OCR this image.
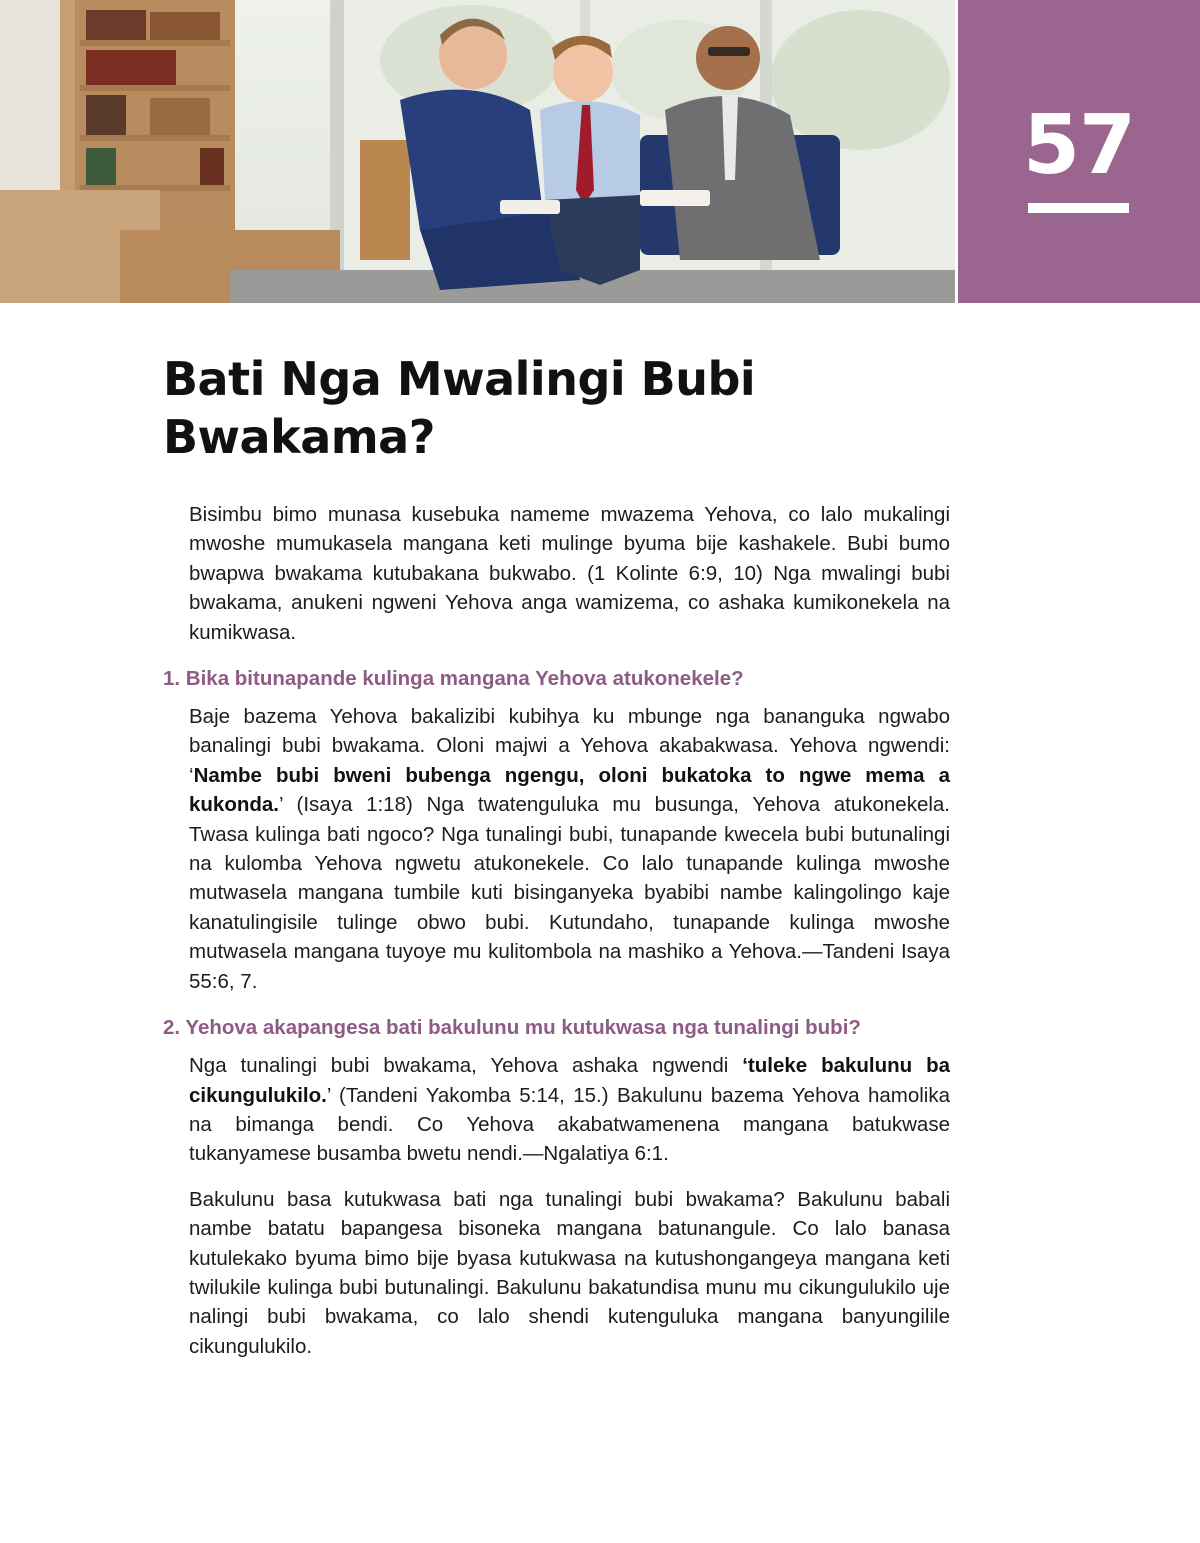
57
Bati Nga Mwalingi Bubi Bwakama?

Bisimbu bimo munasa kusebuka nameme mwazema Yehova, co lalo mukalingi mwoshe mumukasela mangana keti mulinge byuma bije kashakele. Bubi bumo bwapwa bwakama kutubakana bukwabo. (1 Kolinte 6:9, 10) Nga mwalingi bubi bwakama, anukeni ngweni Yehova anga wamizema, co ashaka kumikonekela na kumikwasa.

1. Bika bitunapande kulinga mangana Yehova atukonekele?

Baje bazema Yehova bakalizibi kubihya ku mbunge nga bananguka ngwabo banalingi bubi bwakama. Oloni majwi a Yehova akabakwasa. Yehova ngwendi: ‘Nambe bubi bweni bubenga ngengu, oloni bukatoka to ngwe mema a kukonda.’ (Isaya 1:18) Nga twatenguluka mu busunga, Yehova atukonekela. Twasa kulinga bati ngoco? Nga tunalingi bubi, tunapande kwecela bubi butunalingi na kulomba Yehova ngwetu atukonekele. Co lalo tunapande kulinga mwoshe mutwasela mangana tumbile kuti bisinganyeka byabibi nambe kalingolingo kaje kanatulingisile tulinge obwo bubi. Kutundaho, tunapande kulinga mwoshe mutwasela mangana tuyoye mu kulitombola na mashiko a Yehova.—Tandeni Isaya 55:6, 7.

2. Yehova akapangesa bati bakulunu mu kutukwasa nga tunalingi bubi?

Nga tunalingi bubi bwakama, Yehova ashaka ngwendi ‘tuleke bakulunu ba cikungulukilo.’ (Tandeni Yakomba 5:14, 15.) Bakulunu bazema Yehova hamolika na bimanga bendi. Co Yehova akabatwamenena mangana batukwase tukanyamese busamba bwetu nendi.—Ngalatiya 6:1.

Bakulunu basa kutukwasa bati nga tunalingi bubi bwakama? Bakulunu babali nambe batatu bapangesa bisoneka mangana batunangule. Co lalo banasa kutulekako byuma bimo bije byasa kutukwasa na kutushongangeya mangana keti twilukile kulinga bubi butunalingi. Bakulunu bakatundisa munu mu cikungulukilo uje nalingi bubi bwakama, co lalo shendi kutenguluka mangana banyungilile cikungulukilo.
